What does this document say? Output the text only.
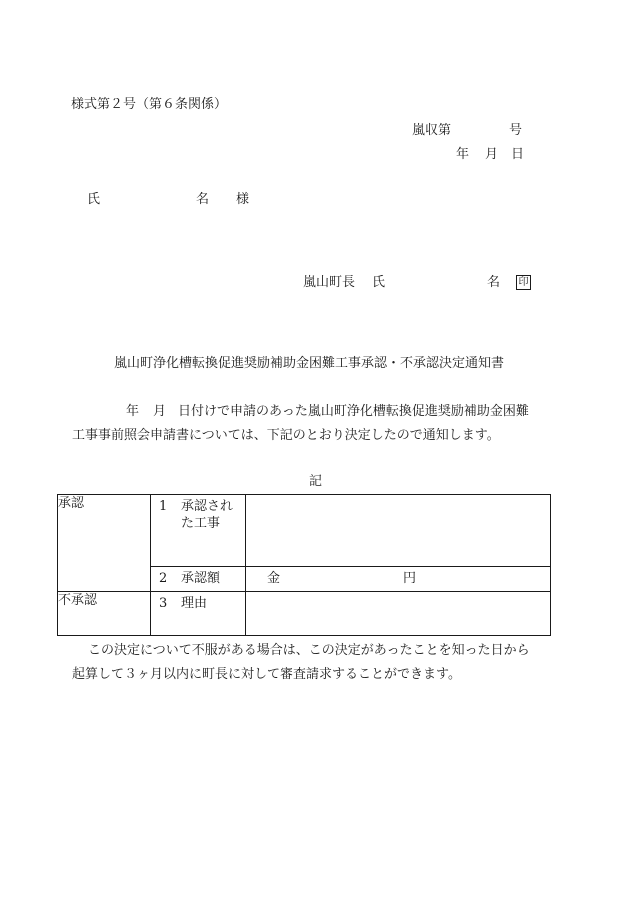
様式第２号（第６条関係）
嵐収第	号
年 月 日
氏	名 様
嵐山町長 氏	名 印
嵐山町浄化槽転換促進奨励補助金困難工事承認・不承認決定通知書
年 月 日付けで申請のあった嵐山町浄化槽転換促進奨励補助金困難
工事事前照会申請書については、下記のとおり決定したので通知します。
記
承認	1 承認され
た工事	
	2 承認額	金 円

不承認	3 理由	
この決定について不服がある場合は、この決定があったことを知った日から
起算して３ヶ月以内に町長に対して審査請求することができます。
